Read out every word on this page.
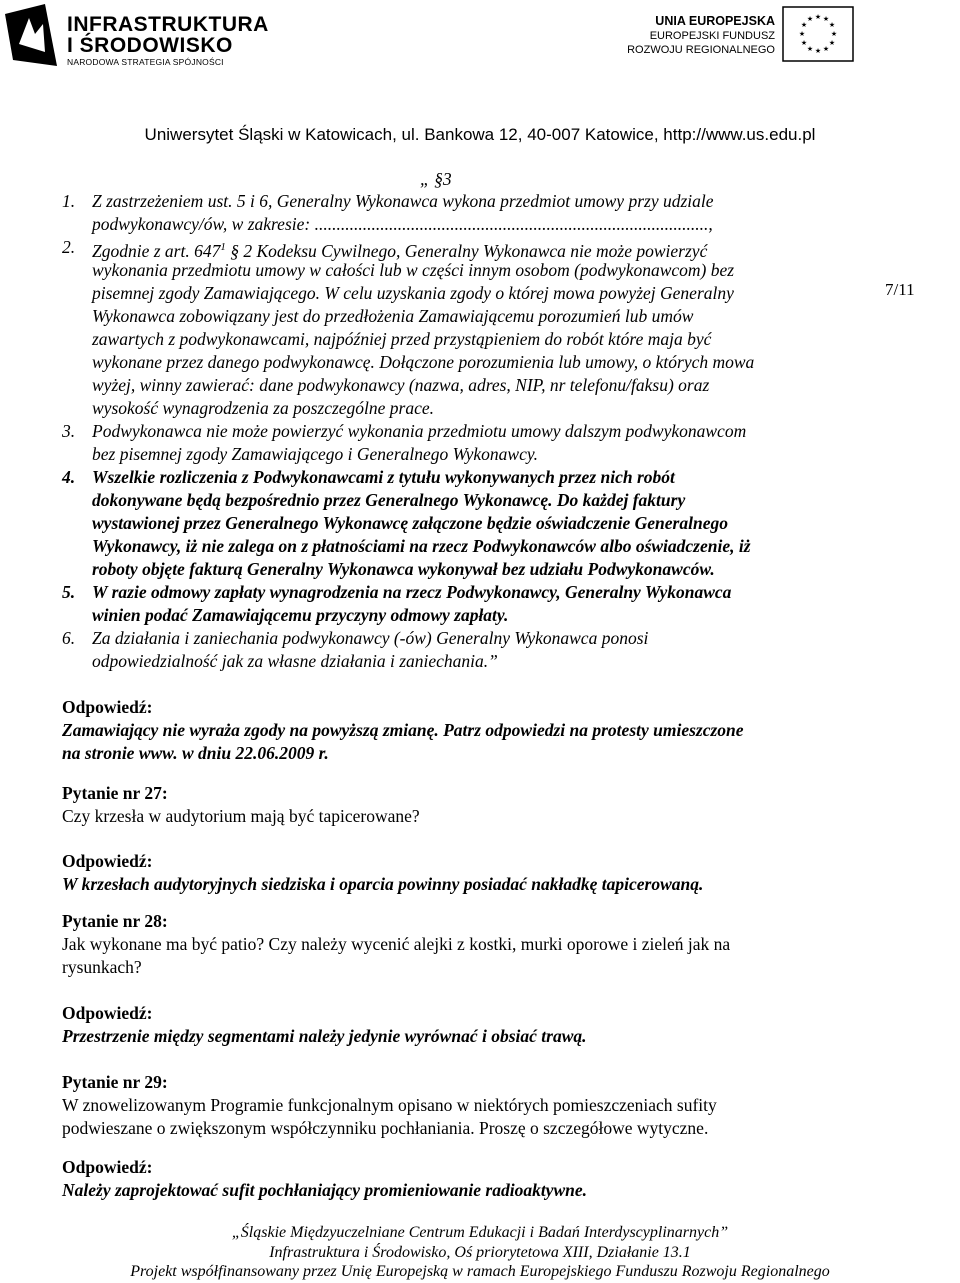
INFRASTRUKTURA
I ŚRODOWISKO
NARODOWA STRATEGIA SPÓJNOŚCI
UNIA EUROPEJSKA
EUROPEJSKI FUNDUSZ
ROZWOJU REGIONALNEGO
★ ★
★
★
★
★
★
★
★
★
★
★
Uniwersytet Śląski w Katowicach, ul. Bankowa 12, 40-007 Katowice, http://www.us.edu.pl
7/11
„ §3
1. Z zastrzeżeniem ust. 5 i 6, Generalny Wykonawca wykona przedmiot umowy przy udziale
podwykonawcy/ów, w zakresie: ..........................................................................................,
2. Zgodnie z art. $647^1$ § 2 Kodeksu Cywilnego, Generalny Wykonawca nie może powierzyć
wykonania przedmiotu umowy w całości lub w części innym osobom (podwykonawcom) bez
pisemnej zgody Zamawiającego. W celu uzyskania zgody o której mowa powyżej Generalny
Wykonawca zobowiązany jest do przedłożenia Zamawiającemu porozumień lub umów
zawartych z podwykonawcami, najpóźniej przed przystąpieniem do robót które maja być
wykonane przez danego podwykonawcę. Dołączone porozumienia lub umowy, o których mowa
wyżej, winny zawierać: dane podwykonawcy (nazwa, adres, NIP, nr telefonu/faksu) oraz
wysokość wynagrodzenia za poszczególne prace.
3. Podwykonawca nie może powierzyć wykonania przedmiotu umowy dalszym podwykonawcom
bez pisemnej zgody Zamawiającego i Generalnego Wykonawcy.
4. Wszelkie rozliczenia z Podwykonawcami z tytułu wykonywanych przez nich robót
dokonywane będą bezpośrednio przez Generalnego Wykonawcę. Do każdej faktury
wystawionej przez Generalnego Wykonawcę załączone będzie oświadczenie Generalnego
Wykonawcy, iż nie zalega on z płatnościami na rzecz Podwykonawców albo oświadczenie, iż
roboty objęte fakturą Generalny Wykonawca wykonywał bez udziału Podwykonawców.
5. W razie odmowy zapłaty wynagrodzenia na rzecz Podwykonawcy, Generalny Wykonawca
winien podać Zamawiającemu przyczyny odmowy zapłaty.
6. Za działania i zaniechania podwykonawcy (-ów) Generalny Wykonawca ponosi
odpowiedzialność jak za własne działania i zaniechania.”
Odpowiedź:
Zamawiający nie wyraża zgody na powyższą zmianę. Patrz odpowiedzi na protesty umieszczone
na stronie www. w dniu 22.06.2009 r.
Pytanie nr 27:
Czy krzesła w audytorium mają być tapicerowane?
Odpowiedź:
W krzesłach audytoryjnych siedziska i oparcia powinny posiadać nakładkę tapicerowaną.
Pytanie nr 28:
Jak wykonane ma być patio? Czy należy wycenić alejki z kostki, murki oporowe i zieleń jak na
rysunkach?
Odpowiedź:
Przestrzenie między segmentami należy jedynie wyrównać i obsiać trawą.
Pytanie nr 29:
W znowelizowanym Programie funkcjonalnym opisano w niektórych pomieszczeniach sufity
podwieszane o zwiększonym współczynniku pochłaniania. Proszę o szczegółowe wytyczne.
Odpowiedź:
Należy zaprojektować sufit pochłaniający promieniowanie radioaktywne.
„Śląskie Międzyuczelniane Centrum Edukacji i Badań Interdyscyplinarnych”
Infrastruktura i Środowisko, Oś priorytetowa XIII, Działanie 13.1
Projekt współfinansowany przez Unię Europejską w ramach Europejskiego Funduszu Rozwoju Regionalnego
